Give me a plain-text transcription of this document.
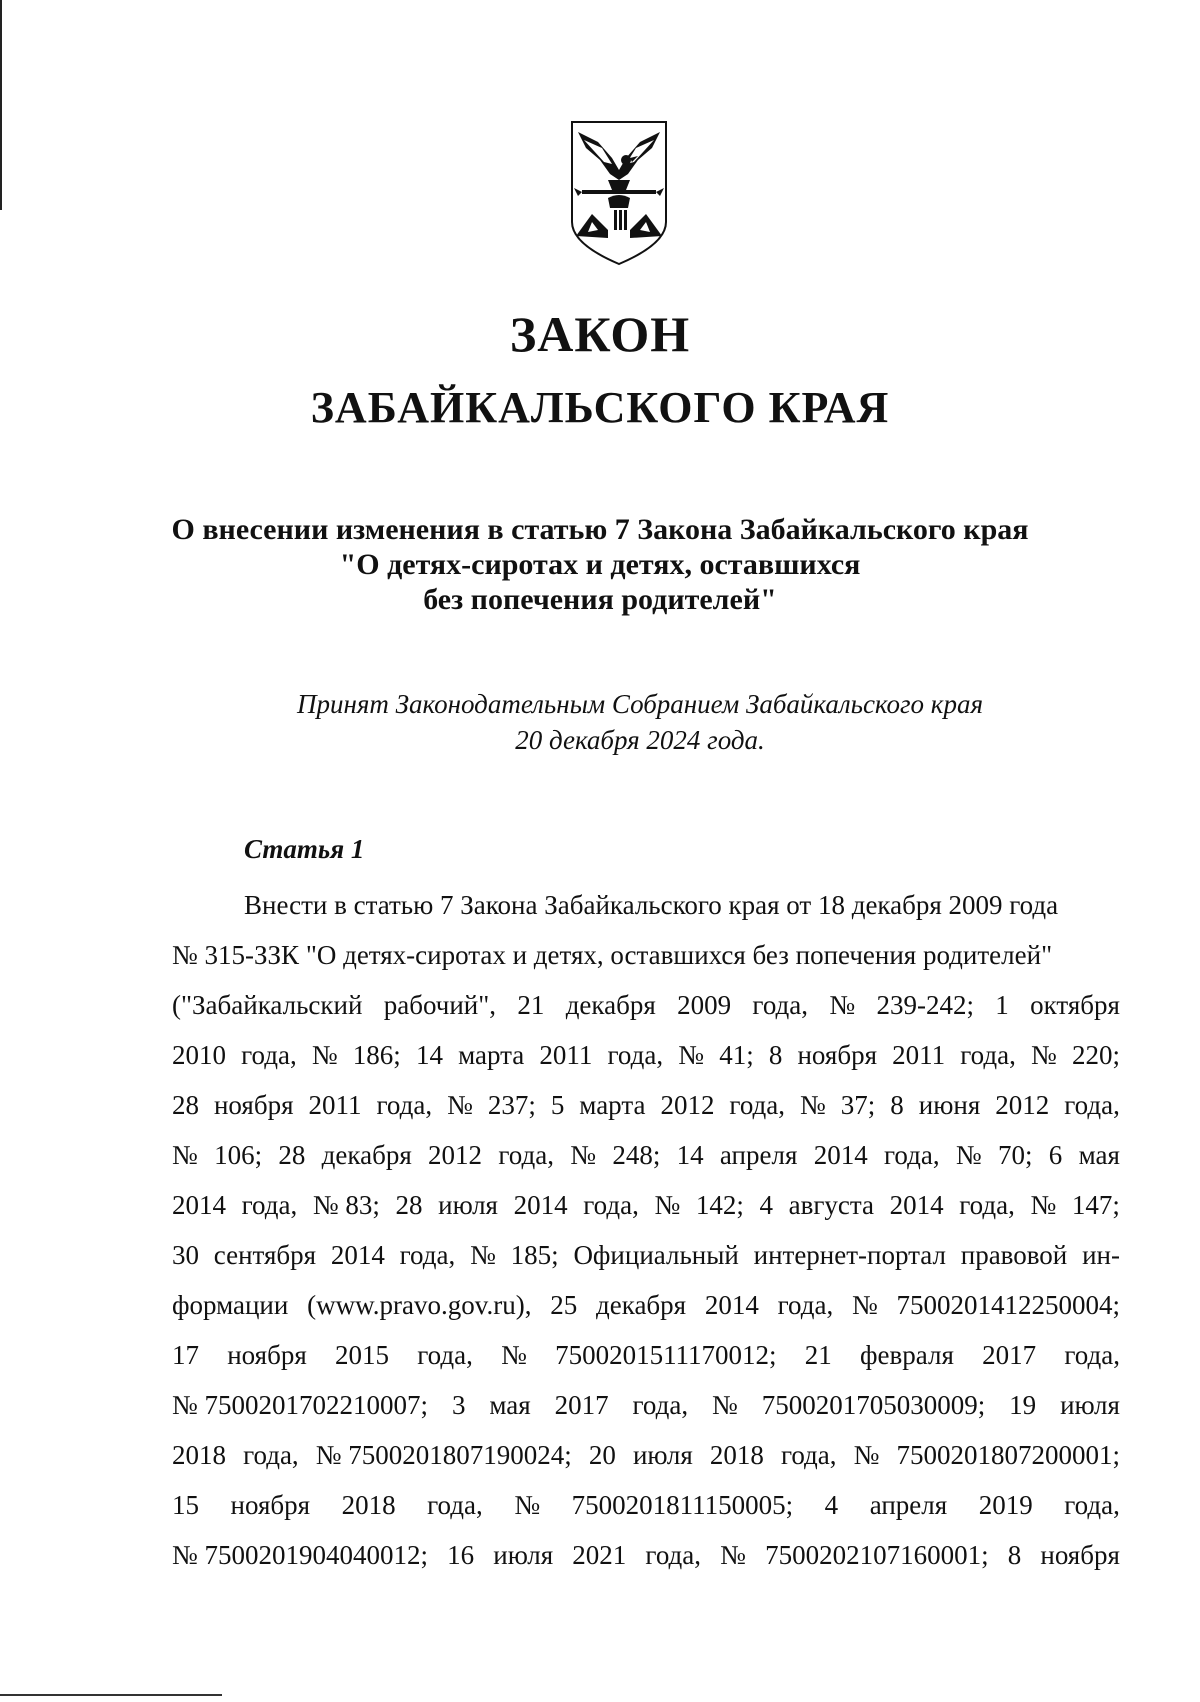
ЗАКОН
ЗАБАЙКАЛЬСКОГО КРАЯ
О внесении изменения в статью 7 Закона Забайкальского края
"О детях-сиротах и детях, оставшихся
без попечения родителей"
Принят Законодательным Собранием Забайкальского края
20 декабря 2024 года.
Статья 1
Внести в статью 7 Закона Забайкальского края от 18 декабря 2009 года
№ 315-ЗЗК "О детях-сиротах и детях, оставшихся без попечения родителей"
("Забайкальский рабочий", 21 декабря 2009 года, № 239-242; 1 октября
2010 года, № 186; 14 марта 2011 года, № 41; 8 ноября 2011 года, № 220;
28 ноября 2011 года, № 237; 5 марта 2012 года, № 37; 8 июня 2012 года,
№ 106; 28 декабря 2012 года, № 248; 14 апреля 2014 года, № 70; 6 мая
2014 года, № 83; 28 июля 2014 года, № 142; 4 августа 2014 года, № 147;
30 сентября 2014 года, № 185; Официальный интернет-портал правовой ин-
формации (www.pravo.gov.ru), 25 декабря 2014 года, № 7500201412250004;
17 ноября 2015 года, № 7500201511170012; 21 февраля 2017 года,
№ 7500201702210007; 3 мая 2017 года, № 7500201705030009; 19 июля
2018 года, № 7500201807190024; 20 июля 2018 года, № 7500201807200001;
15 ноября 2018 года, № 7500201811150005; 4 апреля 2019 года,
№ 7500201904040012; 16 июля 2021 года, № 7500202107160001; 8 ноября
